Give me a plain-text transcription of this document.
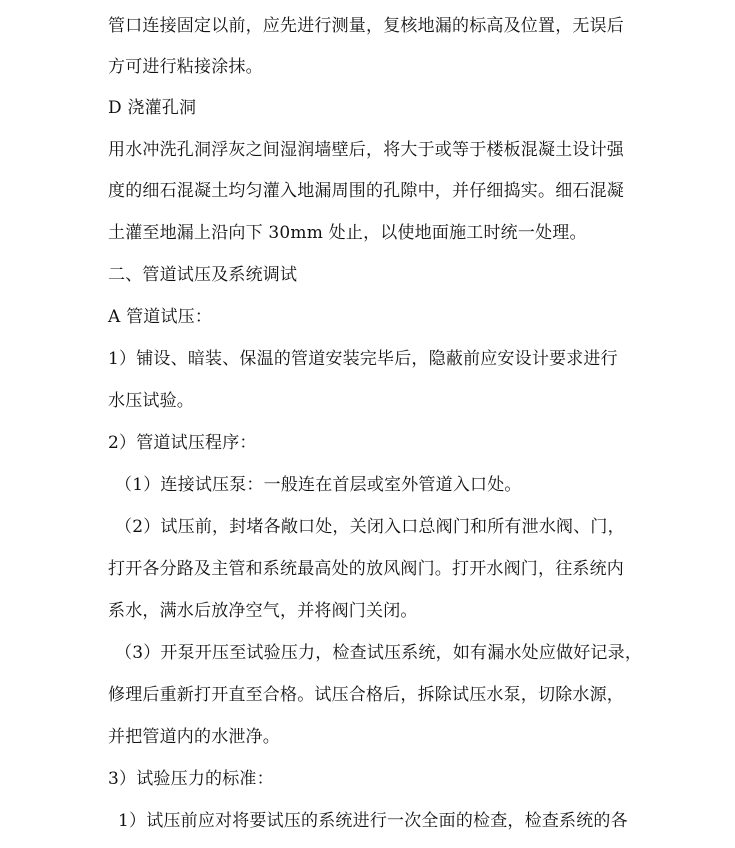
管口连接固定以前，应先进行测量，复核地漏的标高及位置，无误后
方可进行粘接涂抹。
D 浇灌孔洞
用水冲洗孔洞浮灰之间湿润墙壁后，将大于或等于楼板混凝土设计强
度的细石混凝土均匀灌入地漏周围的孔隙中，并仔细捣实。细石混凝
土灌至地漏上沿向下 30mm 处止，以使地面施工时统一处理。
二、管道试压及系统调试
A 管道试压：
1）铺设、暗装、保温的管道安装完毕后，隐蔽前应安设计要求进行
水压试验。
2）管道试压程序：
（1）连接试压泵：一般连在首层或室外管道入口处。
（2）试压前，封堵各敞口处，关闭入口总阀门和所有泄水阀、门，
打开各分路及主管和系统最高处的放风阀门。打开水阀门，往系统内
系水，满水后放净空气，并将阀门关闭。
（3）开泵开压至试验压力，检查试压系统，如有漏水处应做好记录，
修理后重新打开直至合格。试压合格后，拆除试压水泵，切除水源，
并把管道内的水泄净。
3）试验压力的标准：
1）试压前应对将要试压的系统进行一次全面的检查，检查系统的各
